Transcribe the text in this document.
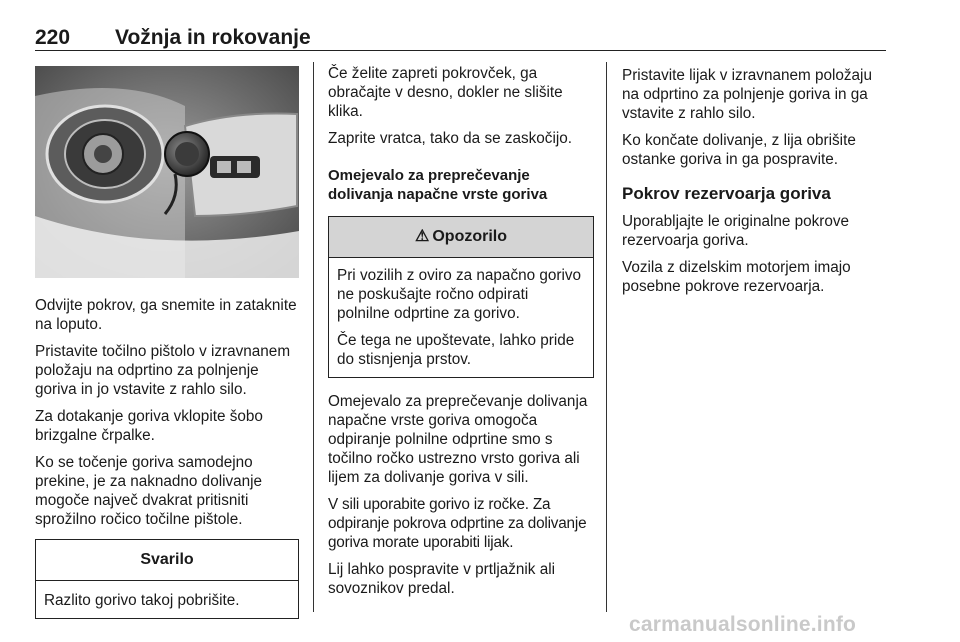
220 Vožnja in rokovanje

Odvijte pokrov, ga snemite in zataknite na loputo.

Pristavite točilno pištolo v izravnanem položaju na odprtino za polnjenje goriva in jo vstavite z rahlo silo.

Za dotakanje goriva vklopite šobo brizgalne črpalke.

Ko se točenje goriva samodejno prekine, je za naknadno dolivanje mogoče največ dvakrat pritisniti sprožilno ročico točilne pištole.

Svarilo

Razlito gorivo takoj pobrišite.

Če želite zapreti pokrovček, ga obračajte v desno, dokler ne slišite klika.

Zaprite vratca, tako da se zaskočijo.

Omejevalo za preprečevanje dolivanja napačne vrste goriva
⚠ Opozorilo

Pri vozilih z oviro za napačno gorivo ne poskušajte ročno odpirati polnilne odprtine za gorivo.

Če tega ne upoštevate, lahko pride do stisnjenja prstov.

Omejevalo za preprečevanje dolivanja napačne vrste goriva omogoča odpiranje polnilne odprtine smo s točilno ročko ustrezno vrsto goriva ali lijem za dolivanje goriva v sili.

V sili uporabite gorivo iz ročke. Za odpiranje pokrova odprtine za dolivanje goriva morate uporabiti lijak.

Lij lahko pospravite v prtljažnik ali sovoznikov predal.

Pristavite lijak v izravnanem položaju na odprtino za polnjenje goriva in ga vstavite z rahlo silo.

Ko končate dolivanje, z lija obrišite ostanke goriva in ga pospravite.

Pokrov rezervoarja goriva

Uporabljajte le originalne pokrove rezervoarja goriva.

Vozila z dizelskim motorjem imajo posebne pokrove rezervoarja.

carmanualsonline.info
